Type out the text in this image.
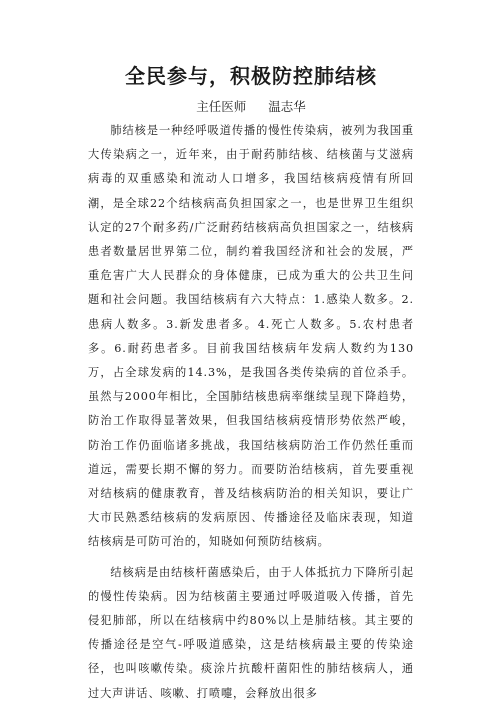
全民参与，积极防控肺结核
主任医师 温志华

肺结核是一种经呼吸道传播的慢性传染病，被列为我国重大传染病之一，近年来，由于耐药肺结核、结核菌与艾滋病病毒的双重感染和流动人口增多，我国结核病疫情有所回潮，是全球22个结核病高负担国家之一，也是世界卫生组织认定的27个耐多药/广泛耐药结核病高负担国家之一，结核病患者数量居世界第二位，制约着我国经济和社会的发展，严重危害广大人民群众的身体健康，已成为重大的公共卫生问题和社会问题。我国结核病有六大特点：1.感染人数多。2.患病人数多。3.新发患者多。4.死亡人数多。5.农村患者多。6.耐药患者多。目前我国结核病年发病人数约为130万，占全球发病的14.3%，是我国各类传染病的首位杀手。虽然与2000年相比，全国肺结核患病率继续呈现下降趋势，防治工作取得显著效果，但我国结核病疫情形势依然严峻，防治工作仍面临诸多挑战，我国结核病防治工作仍然任重而道远，需要长期不懈的努力。而要防治结核病，首先要重视对结核病的健康教育，普及结核病防治的相关知识，要让广大市民熟悉结核病的发病原因、传播途径及临床表现，知道结核病是可防可治的，知晓如何预防结核病。

结核病是由结核杆菌感染后，由于人体抵抗力下降所引起的慢性传染病。因为结核菌主要通过呼吸道吸入传播，首先侵犯肺部，所以在结核病中约80%以上是肺结核。其主要的传播途径是空气-呼吸道感染，这是结核病最主要的传染途径，也叫咳嗽传染。痰涂片抗酸杆菌阳性的肺结核病人，通过大声讲话、咳嗽、打喷嚏，会释放出很多
